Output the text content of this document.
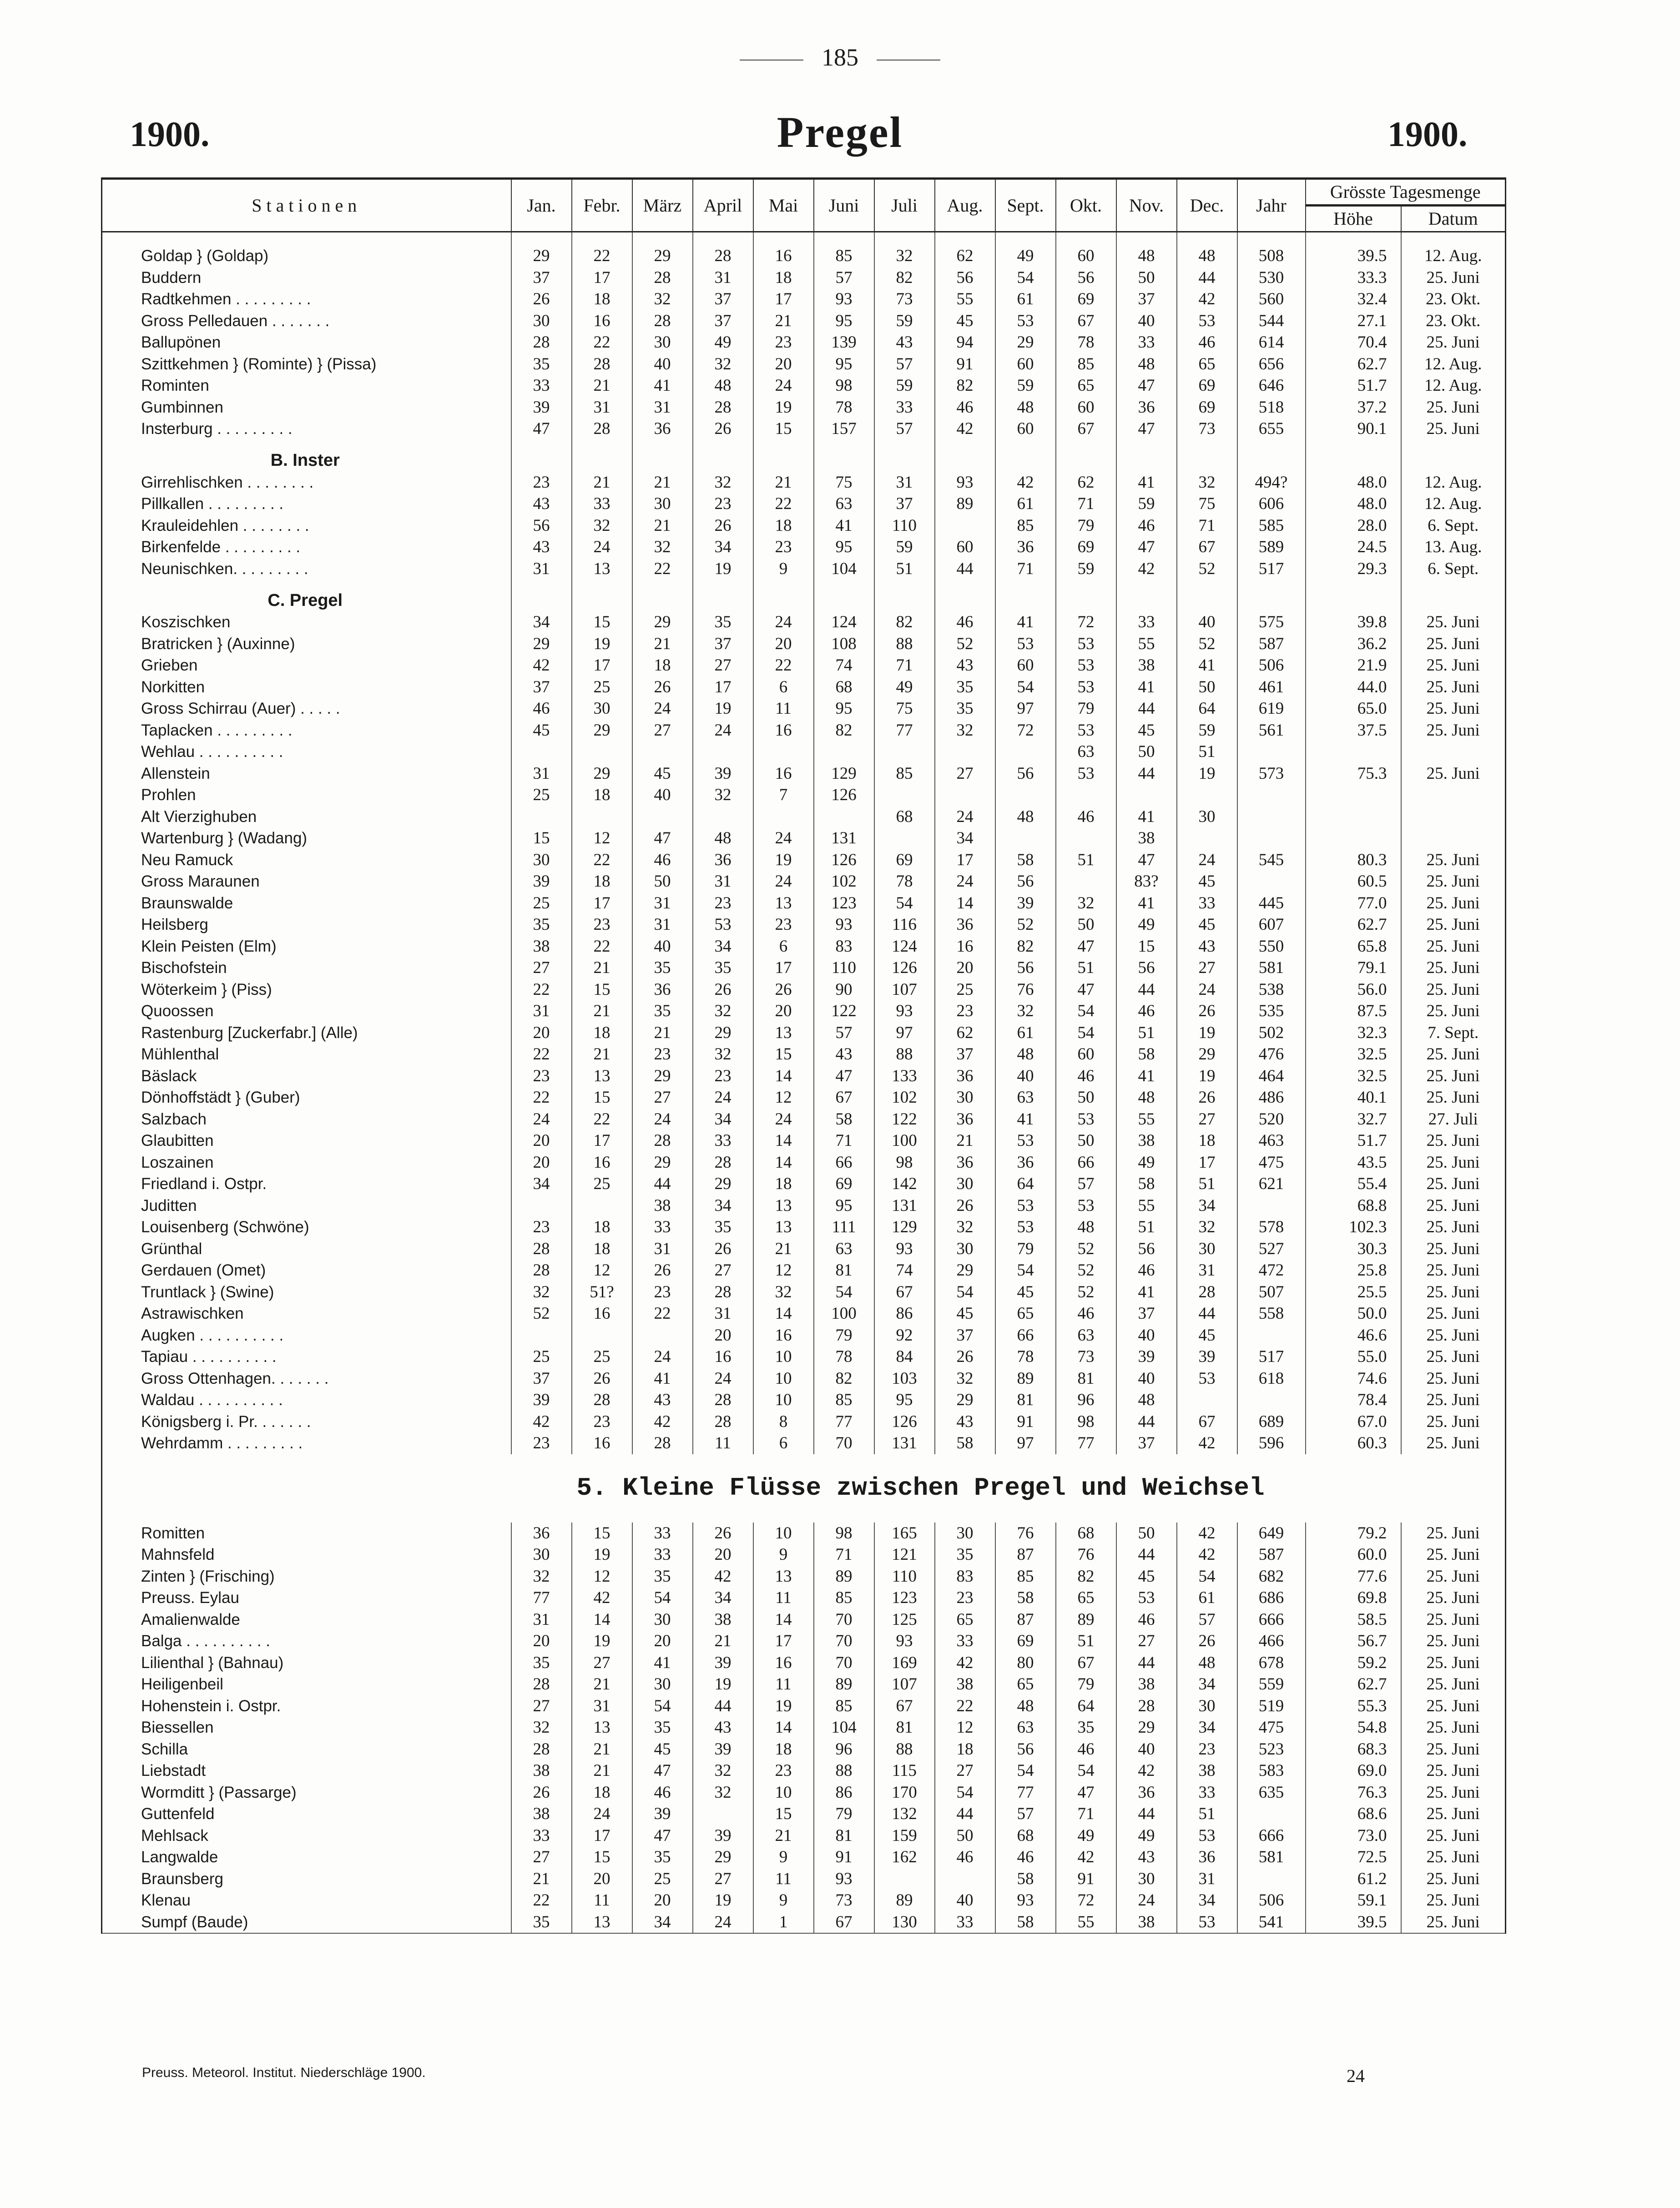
185
1900.	Pregel	1900.
Stationen	Jan.	Febr.	März	April	Mai	Juni	Juli	Aug.	Sept.	Okt.	Nov.	Dec.	Jahr	Grösste Tagesmenge	
														Höhe	Datum

Goldap } (Goldap)	29	22	29	28	16	85	32	62	49	60	48	48	508	39.5	12. Aug.
Buddern	37	17	28	31	18	57	82	56	54	56	50	44	530	33.3	25. Juni
Radtkehmen . . . . . . . . .	26	18	32	37	17	93	73	55	61	69	37	42	560	32.4	23. Okt.
Gross Pelledauen . . . . . . .	30	16	28	37	21	95	59	45	53	67	40	53	544	27.1	23. Okt.
Ballupönen	28	22	30	49	23	139	43	94	29	78	33	46	614	70.4	25. Juni
Szittkehmen } (Rominte) } (Pissa)	35	28	40	32	20	95	57	91	60	85	48	65	656	62.7	12. Aug.
Rominten	33	21	41	48	24	98	59	82	59	65	47	69	646	51.7	12. Aug.
Gumbinnen	39	31	31	28	19	78	33	46	48	60	36	69	518	37.2	25. Juni
Insterburg . . . . . . . . .	47	28	36	26	15	157	57	42	60	67	47	73	655	90.1	25. Juni
B. Inster															
Girrehlischken . . . . . . . .	23	21	21	32	21	75	31	93	42	62	41	32	494?	48.0	12. Aug.
Pillkallen . . . . . . . . .	43	33	30	23	22	63	37	89	61	71	59	75	606	48.0	12. Aug.
Krauleidehlen . . . . . . . .	56	32	21	26	18	41	110		85	79	46	71	585	28.0	6. Sept.
Birkenfelde . . . . . . . . .	43	24	32	34	23	95	59	60	36	69	47	67	589	24.5	13. Aug.
Neunischken. . . . . . . . .	31	13	22	19	9	104	51	44	71	59	42	52	517	29.3	6. Sept.
C. Pregel															
Koszischken	34	15	29	35	24	124	82	46	41	72	33	40	575	39.8	25. Juni
Bratricken } (Auxinne)	29	19	21	37	20	108	88	52	53	53	55	52	587	36.2	25. Juni
Grieben	42	17	18	27	22	74	71	43	60	53	38	41	506	21.9	25. Juni
Norkitten	37	25	26	17	6	68	49	35	54	53	41	50	461	44.0	25. Juni
Gross Schirrau (Auer) . . . . .	46	30	24	19	11	95	75	35	97	79	44	64	619	65.0	25. Juni
Taplacken . . . . . . . . .	45	29	27	24	16	82	77	32	72	53	45	59	561	37.5	25. Juni
Wehlau . . . . . . . . . .										63	50	51			
Allenstein	31	29	45	39	16	129	85	27	56	53	44	19	573	75.3	25. Juni
Prohlen	25	18	40	32	7	126									
Alt Vierzighuben							68	24	48	46	41	30			
Wartenburg } (Wadang)	15	12	47	48	24	131		34			38				
Neu Ramuck	30	22	46	36	19	126	69	17	58	51	47	24	545	80.3	25. Juni
Gross Maraunen	39	18	50	31	24	102	78	24	56		83?	45		60.5	25. Juni
Braunswalde	25	17	31	23	13	123	54	14	39	32	41	33	445	77.0	25. Juni
Heilsberg	35	23	31	53	23	93	116	36	52	50	49	45	607	62.7	25. Juni
Klein Peisten (Elm)	38	22	40	34	6	83	124	16	82	47	15	43	550	65.8	25. Juni
Bischofstein	27	21	35	35	17	110	126	20	56	51	56	27	581	79.1	25. Juni
Wöterkeim } (Piss)	22	15	36	26	26	90	107	25	76	47	44	24	538	56.0	25. Juni
Quoossen	31	21	35	32	20	122	93	23	32	54	46	26	535	87.5	25. Juni
Rastenburg [Zuckerfabr.] (Alle)	20	18	21	29	13	57	97	62	61	54	51	19	502	32.3	7. Sept.
Mühlenthal	22	21	23	32	15	43	88	37	48	60	58	29	476	32.5	25. Juni
Bäslack	23	13	29	23	14	47	133	36	40	46	41	19	464	32.5	25. Juni
Dönhoffstädt } (Guber)	22	15	27	24	12	67	102	30	63	50	48	26	486	40.1	25. Juni
Salzbach	24	22	24	34	24	58	122	36	41	53	55	27	520	32.7	27. Juli
Glaubitten	20	17	28	33	14	71	100	21	53	50	38	18	463	51.7	25. Juni
Loszainen	20	16	29	28	14	66	98	36	36	66	49	17	475	43.5	25. Juni
Friedland i. Ostpr.	34	25	44	29	18	69	142	30	64	57	58	51	621	55.4	25. Juni
Juditten			38	34	13	95	131	26	53	53	55	34		68.8	25. Juni
Louisenberg (Schwöne)	23	18	33	35	13	111	129	32	53	48	51	32	578	102.3	25. Juni
Grünthal	28	18	31	26	21	63	93	30	79	52	56	30	527	30.3	25. Juni
Gerdauen (Omet)	28	12	26	27	12	81	74	29	54	52	46	31	472	25.8	25. Juni
Truntlack } (Swine)	32	51?	23	28	32	54	67	54	45	52	41	28	507	25.5	25. Juni
Astrawischken	52	16	22	31	14	100	86	45	65	46	37	44	558	50.0	25. Juni
Augken . . . . . . . . . .				20	16	79	92	37	66	63	40	45		46.6	25. Juni
Tapiau . . . . . . . . . .	25	25	24	16	10	78	84	26	78	73	39	39	517	55.0	25. Juni
Gross Ottenhagen. . . . . . .	37	26	41	24	10	82	103	32	89	81	40	53	618	74.6	25. Juni
Waldau . . . . . . . . . .	39	28	43	28	10	85	95	29	81	96	48			78.4	25. Juni
Königsberg i. Pr. . . . . . .	42	23	42	28	8	77	126	43	91	98	44	67	689	67.0	25. Juni
Wehrdamm . . . . . . . . .	23	16	28	11	6	70	131	58	97	77	37	42	596	60.3	25. Juni
5. Kleine Flüsse zwischen Pregel und Weichsel															
Romitten	36	15	33	26	10	98	165	30	76	68	50	42	649	79.2	25. Juni
Mahnsfeld	30	19	33	20	9	71	121	35	87	76	44	42	587	60.0	25. Juni
Zinten } (Frisching)	32	12	35	42	13	89	110	83	85	82	45	54	682	77.6	25. Juni
Preuss. Eylau	77	42	54	34	11	85	123	23	58	65	53	61	686	69.8	25. Juni
Amalienwalde	31	14	30	38	14	70	125	65	87	89	46	57	666	58.5	25. Juni
Balga . . . . . . . . . .	20	19	20	21	17	70	93	33	69	51	27	26	466	56.7	25. Juni
Lilienthal } (Bahnau)	35	27	41	39	16	70	169	42	80	67	44	48	678	59.2	25. Juni
Heiligenbeil	28	21	30	19	11	89	107	38	65	79	38	34	559	62.7	25. Juni
Hohenstein i. Ostpr.	27	31	54	44	19	85	67	22	48	64	28	30	519	55.3	25. Juni
Biessellen	32	13	35	43	14	104	81	12	63	35	29	34	475	54.8	25. Juni
Schilla	28	21	45	39	18	96	88	18	56	46	40	23	523	68.3	25. Juni
Liebstadt	38	21	47	32	23	88	115	27	54	54	42	38	583	69.0	25. Juni
Wormditt } (Passarge)	26	18	46	32	10	86	170	54	77	47	36	33	635	76.3	25. Juni
Guttenfeld	38	24	39		15	79	132	44	57	71	44	51		68.6	25. Juni
Mehlsack	33	17	47	39	21	81	159	50	68	49	49	53	666	73.0	25. Juni
Langwalde	27	15	35	29	9	91	162	46	46	42	43	36	581	72.5	25. Juni
Braunsberg	21	20	25	27	11	93			58	91	30	31		61.2	25. Juni
Klenau	22	11	20	19	9	73	89	40	93	72	24	34	506	59.1	25. Juni
Sumpf (Baude)	35	13	34	24	1	67	130	33	58	55	38	53	541	39.5	25. Juni
Preuss. Meteorol. Institut. Niederschläge 1900.	24
